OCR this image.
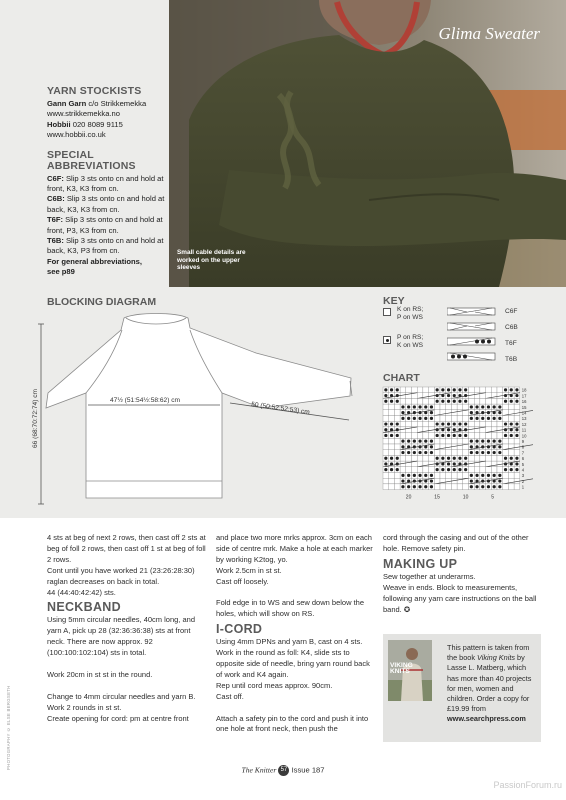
Glima Sweater
Small cable details are worked on the upper sleeves
YARN STOCKISTS

Gann Garn c/o Strikkemekka

www.strikkemekka.no

Hobbii 020 8089 9115

www.hobbii.co.uk

SPECIAL
ABBREVIATIONS

C6F: Slip 3 sts onto cn and hold at front, K3, K3 from cn.

C6B: Slip 3 sts onto cn and hold at back, K3, K3 from cn.

T6F: Slip 3 sts onto cn and hold at front, P3, K3 from cn.

T6B: Slip 3 sts onto cn and hold at back, K3, P3 from cn.

For general abbreviations,
see p89

BLOCKING DIAGRAM
47½ (51:54½:58:62) cm
50 (50:52:52:53) cm
66 (68:70:72:74) cm
KEY
K on RS;
P on WS
P on RS;
K on WS
C6F
C6B
T6F
T6B
CHART
18
17
16
15
14
13
12
11
10
9
8
7
6
5
4
3
2
1
20	15	10	5

4 sts at beg of next 2 rows, then cast off 2 sts at beg of foll 2 rows, then cast off 1 st at beg of foll 2 rows.

Cont until you have worked 21 (23:26:28:30) raglan decreases on back in total.

44 (44:40:42:42) sts.

NECKBAND

Using 5mm circular needles, 40cm long, and yarn A, pick up 28 (32:36:36:38) sts at front neck. There are now approx. 92 (100:100:102:104) sts in total.

Work 20cm in st st in the round.

Change to 4mm circular needles and yarn B.

Work 2 rounds in st st.

Create opening for cord: pm at centre front

and place two more mrks approx. 3cm on each side of centre mrk. Make a hole at each marker by working K2tog, yo.

Work 2.5cm in st st.

Cast off loosely.

Fold edge in to WS and sew down below the holes, which will show on RS.

I-CORD

Using 4mm DPNs and yarn B, cast on 4 sts. Work in the round as foll: K4, slide sts to opposite side of needle, bring yarn round back of work and K4 again.

Rep until cord meas approx. 90cm.

Cast off.

Attach a safety pin to the cord and push it into one hole at front neck, then push the

cord through the casing and out of the other hole. Remove safety pin.

MAKING UP

Sew together at underarms.

Weave in ends. Block to measurements, following any yarn care instructions on the ball band. ✪

VIKING KNITS
This pattern is taken from the book Viking Knits by Lasse L. Matberg, which has more than 40 projects for men, women and children. Order a copy for £19.99 from www.searchpress.com
PHOTOGRAPHY © ELSE BERGSETH	The Knitter 57 Issue 187
PassionForum.ru
